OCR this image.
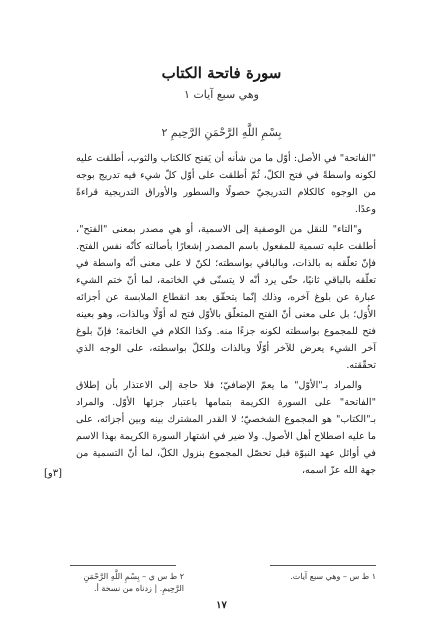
سورة فاتحة الكتاب
وهي سبع آيات ١
بِسْمِ اللَّهِ الرَّحْمَنِ الرَّحِيمِ ٢

"الفاتحة" في الأصل: أوّل ما من شأنه أن يَفتح كالكتاب والثوب، أطلقت عليه لكونه واسطةً في فتح الكلّ، ثُمّ أطلقت على أوّل كلّ شيء فيه تدريج بوجه من الوجوه كالكلام التدريجيّ حصولًا والسطور والأوراق التدريجية قراءةً وعدًا.

و"التاء" للنقل من الوصفية إلى الاسمية، أو هي مصدر بمعنى "الفتح"، أطلقت عليه تسمية للمفعول باسم المصدر إشعارًا بأصالته كأنّه نفس الفتح. فإنّ تعلّقه به بالذات، وبالباقي بواسطته؛ لكنّ لا على معنى أنّه واسطة في تعلّقه بالباقي ثانيًا، حتّى يرد أنّه لا يتسنّى في الخاتمة، لما أنّ ختم الشيء عبارة عن بلوغ آخره، وذلك إنّما يتحقّق بعد انقطاع الملابسة عن أجزائه الأُوَل؛ بل على معنى أنّ الفتح المتعلّق بالأوّل فتح له أوّلًا وبالذات، وهو بعينه فتح للمجموع بواسطته لكونه جزءًا منه. وكذا الكلام في الخاتمة؛ فإنّ بلوغ آخر الشيء يعرض للآخر أوّلًا وبالذات وللكلّ بواسطته، على الوجه الذي تحقّقته.

والمراد بـ"الأوّل" ما يعمّ الإضافيّ؛ فلا حاجة إلى الاعتذار بأن إطلاق "الفاتحة" على السورة الكريمة بتمامها باعتبار جزئها الأوّل. والمراد بـ"الكتاب" هو المجموع الشخصيّ؛ لا القدر المشترك بينه وبين أجزائه، على ما عليه اصطلاح أهل الأصول. ولا ضير في اشتهار السورة الكريمة بهذا الاسم في أوائل عهد النبوّة قبل تحصّل المجموع بنزول الكلّ، لما أنّ التسمية من جهة الله عزّ اسمه،

[٣و]
١ ط س – وهي سبع آيات.
٢ ط س ي – بِسْمِ اللَّهِ الرَّحْمَنِ الرَّحِيمِ. | زدناه من نسخة أ.
١٧
